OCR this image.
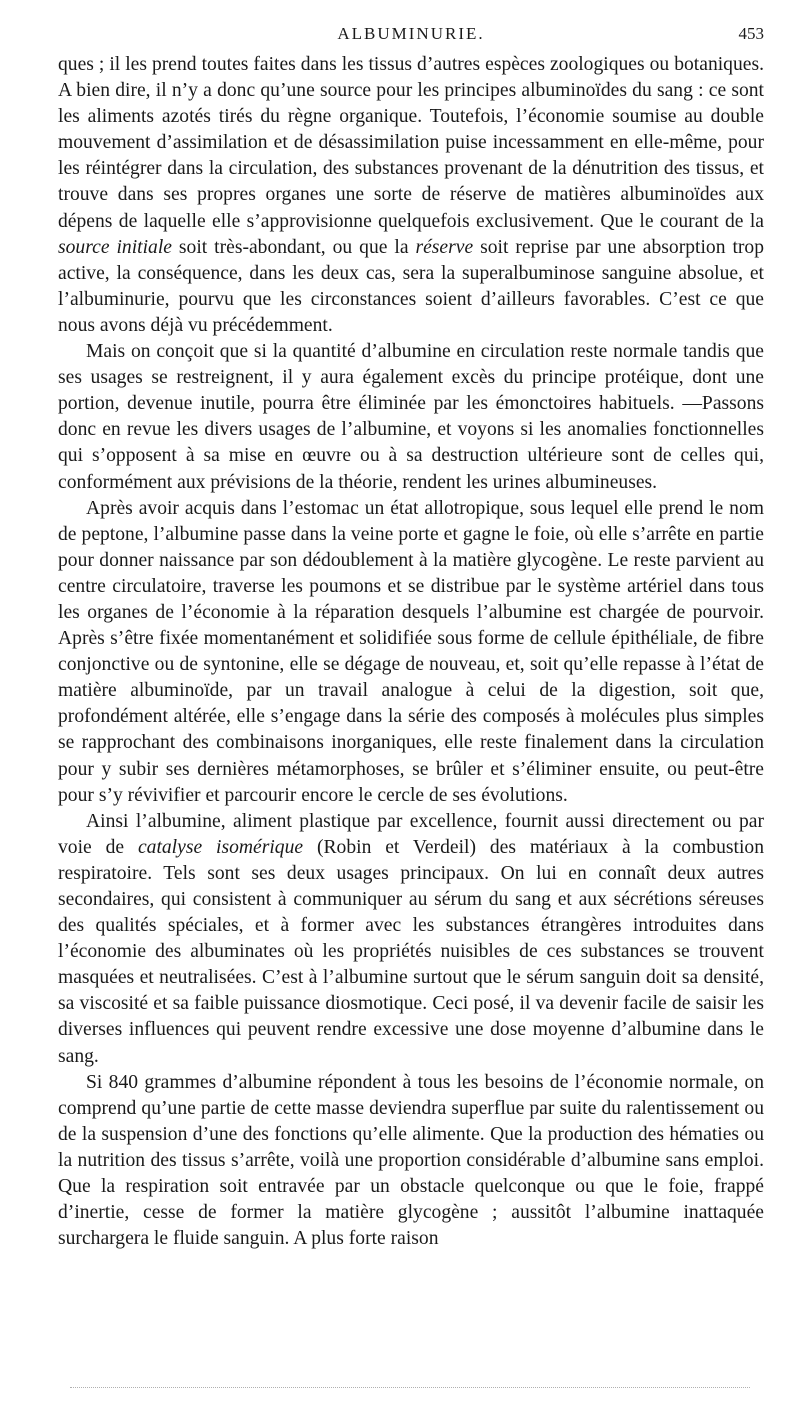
ALBUMINURIE.	453

ques ; il les prend toutes faites dans les tissus d’autres espèces zoologiques ou botaniques. A bien dire, il n’y a donc qu’une source pour les principes albuminoïdes du sang : ce sont les aliments azotés tirés du règne organique. Toutefois, l’économie soumise au double mouvement d’assimilation et de désassimilation puise incessamment en elle-même, pour les réintégrer dans la circulation, des substances provenant de la dénutrition des tissus, et trouve dans ses propres organes une sorte de réserve de matières albuminoïdes aux dépens de laquelle elle s’approvisionne quelquefois exclusivement. Que le courant de la source initiale soit très-abondant, ou que la réserve soit reprise par une absorption trop active, la conséquence, dans les deux cas, sera la superalbuminose sanguine absolue, et l’albuminurie, pourvu que les circonstances soient d’ailleurs favorables. C’est ce que nous avons déjà vu précédemment.

Mais on conçoit que si la quantité d’albumine en circulation reste normale tandis que ses usages se restreignent, il y aura également excès du principe protéique, dont une portion, devenue inutile, pourra être éliminée par les émonctoires habituels. —Passons donc en revue les divers usages de l’albumine, et voyons si les anomalies fonctionnelles qui s’opposent à sa mise en œuvre ou à sa destruction ultérieure sont de celles qui, conformément aux prévisions de la théorie, rendent les urines albumineuses.

Après avoir acquis dans l’estomac un état allotropique, sous lequel elle prend le nom de peptone, l’albumine passe dans la veine porte et gagne le foie, où elle s’arrête en partie pour donner naissance par son dédoublement à la matière glycogène. Le reste parvient au centre circulatoire, traverse les poumons et se distribue par le système artériel dans tous les organes de l’économie à la réparation desquels l’albumine est chargée de pourvoir. Après s’être fixée momentanément et solidifiée sous forme de cellule épithéliale, de fibre conjonctive ou de syntonine, elle se dégage de nouveau, et, soit qu’elle repasse à l’état de matière albuminoïde, par un travail analogue à celui de la digestion, soit que, profondément altérée, elle s’engage dans la série des composés à molécules plus simples se rapprochant des combinaisons inorganiques, elle reste finalement dans la circulation pour y subir ses dernières métamorphoses, se brûler et s’éliminer ensuite, ou peut-être pour s’y révivifier et parcourir encore le cercle de ses évolutions.

Ainsi l’albumine, aliment plastique par excellence, fournit aussi directement ou par voie de catalyse isomérique (Robin et Verdeil) des matériaux à la combustion respiratoire. Tels sont ses deux usages principaux. On lui en connaît deux autres secondaires, qui consistent à communiquer au sérum du sang et aux sécrétions séreuses des qualités spéciales, et à former avec les substances étrangères introduites dans l’économie des albuminates où les propriétés nuisibles de ces substances se trouvent masquées et neutralisées. C’est à l’albumine surtout que le sérum sanguin doit sa densité, sa viscosité et sa faible puissance diosmotique. Ceci posé, il va devenir facile de saisir les diverses influences qui peuvent rendre excessive une dose moyenne d’albumine dans le sang.

Si 840 grammes d’albumine répondent à tous les besoins de l’économie normale, on comprend qu’une partie de cette masse deviendra superflue par suite du ralentissement ou de la suspension d’une des fonctions qu’elle alimente. Que la production des hématies ou la nutrition des tissus s’arrête, voilà une proportion considérable d’albumine sans emploi. Que la respiration soit entravée par un obstacle quelconque ou que le foie, frappé d’inertie, cesse de former la matière glycogène ; aussitôt l’albumine inattaquée surchargera le fluide sanguin. A plus forte raison
